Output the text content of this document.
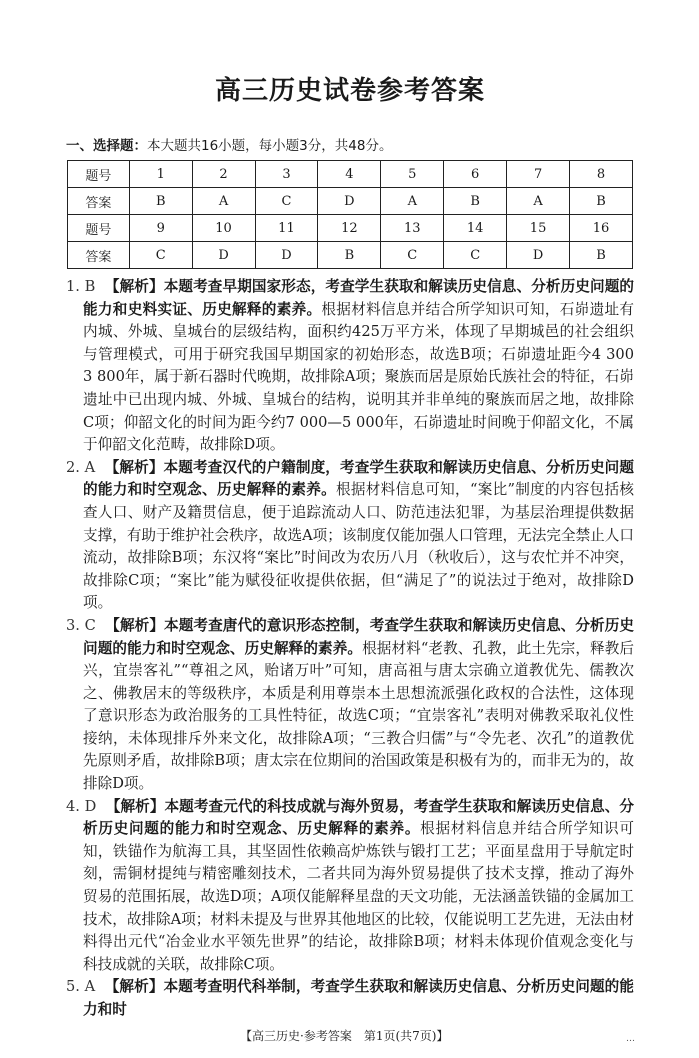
高三历史试卷参考答案
一、选择题：本大题共16小题，每小题3分，共48分。
题号	1	2	3	4	5	6	7	8
答案	B	A	C	D	A	B	A	B
题号	9	10	11	12	13	14	15	16
答案	C	D	D	B	C	C	D	B

1. B 【解析】本题考查早期国家形态，考查学生获取和解读历史信息、分析历史问题的能力和史料实证、历史解释的素养。根据材料信息并结合所学知识可知，石峁遗址有内城、外城、皇城台的层级结构，面积约425万平方米，体现了早期城邑的社会组织与管理模式，可用于研究我国早期国家的初始形态，故选B项；石峁遗址距今4 300　3 800年，属于新石器时代晚期，故排除A项；聚族而居是原始氏族社会的特征，石峁遗址中已出现内城、外城、皇城台的结构，说明其并非单纯的聚族而居之地，故排除C项；仰韶文化的时间为距今约7 000—5 000年，石峁遗址时间晚于仰韶文化，不属于仰韶文化范畴，故排除D项。

2. A 【解析】本题考查汉代的户籍制度，考查学生获取和解读历史信息、分析历史问题的能力和时空观念、历史解释的素养。根据材料信息可知，“案比”制度的内容包括核查人口、财产及籍贯信息，便于追踪流动人口、防范违法犯罪，为基层治理提供数据支撑，有助于维护社会秩序，故选A项；该制度仅能加强人口管理，无法完全禁止人口流动，故排除B项；东汉将“案比”时间改为农历八月（秋收后），这与农忙并不冲突，故排除C项；“案比”能为赋役征收提供依据，但“满足了”的说法过于绝对，故排除D项。

3. C 【解析】本题考查唐代的意识形态控制，考查学生获取和解读历史信息、分析历史问题的能力和时空观念、历史解释的素养。根据材料“老教、孔教，此土先宗，释教后兴，宜崇客礼”“尊祖之风，贻诸万叶”可知，唐高祖与唐太宗确立道教优先、儒教次之、佛教居末的等级秩序，本质是利用尊崇本土思想流派强化政权的合法性，这体现了意识形态为政治服务的工具性特征，故选C项；“宜崇客礼”表明对佛教采取礼仪性接纳，未体现排斥外来文化，故排除A项；“三教合归儒”与“令先老、次孔”的道教优先原则矛盾，故排除B项；唐太宗在位期间的治国政策是积极有为的，而非无为的，故排除D项。

4. D 【解析】本题考查元代的科技成就与海外贸易，考查学生获取和解读历史信息、分析历史问题的能力和时空观念、历史解释的素养。根据材料信息并结合所学知识可知，铁锚作为航海工具，其坚固性依赖高炉炼铁与锻打工艺；平面星盘用于导航定时刻，需铜材提纯与精密雕刻技术，二者共同为海外贸易提供了技术支撑，推动了海外贸易的范围拓展，故选D项；A项仅能解释星盘的天文功能，无法涵盖铁锚的金属加工技术，故排除A项；材料未提及与世界其他地区的比较，仅能说明工艺先进，无法由材料得出元代“冶金业水平领先世界”的结论，故排除B项；材料未体现价值观念变化与科技成就的关联，故排除C项。

5. A 【解析】本题考查明代科举制，考查学生获取和解读历史信息、分析历史问题的能力和时

【高三历史·参考答案　第1页(共7页)】	…
